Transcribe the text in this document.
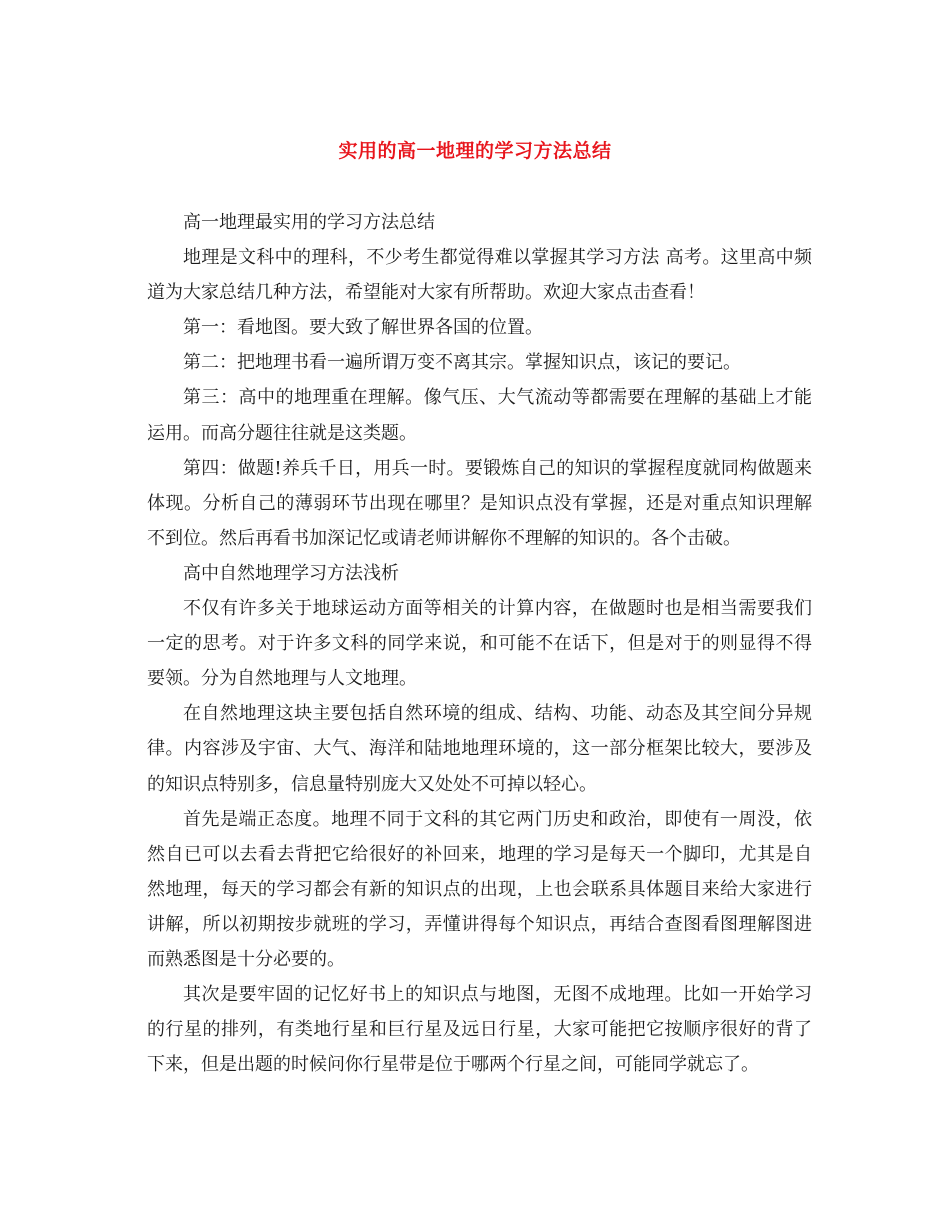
实用的高一地理的学习方法总结

高一地理最实用的学习方法总结

地理是文科中的理科，不少考生都觉得难以掌握其学习方法 高考。这里高中频道为大家总结几种方法，希望能对大家有所帮助。欢迎大家点击查看！

第一：看地图。要大致了解世界各国的位置。

第二：把地理书看一遍所谓万变不离其宗。掌握知识点，该记的要记。

第三：高中的地理重在理解。像气压、大气流动等都需要在理解的基础上才能运用。而高分题往往就是这类题。

第四：做题!养兵千日，用兵一时。要锻炼自己的知识的掌握程度就同构做题来体现。分析自己的薄弱环节出现在哪里？是知识点没有掌握，还是对重点知识理解不到位。然后再看书加深记忆或请老师讲解你不理解的知识的。各个击破。

高中自然地理学习方法浅析

不仅有许多关于地球运动方面等相关的计算内容，在做题时也是相当需要我们一定的思考。对于许多文科的同学来说，和可能不在话下，但是对于的则显得不得要领。分为自然地理与人文地理。

在自然地理这块主要包括自然环境的组成、结构、功能、动态及其空间分异规律。内容涉及宇宙、大气、海洋和陆地地理环境的，这一部分框架比较大，要涉及的知识点特别多，信息量特别庞大又处处不可掉以轻心。

首先是端正态度。地理不同于文科的其它两门历史和政治，即使有一周没，依然自已可以去看去背把它给很好的补回来，地理的学习是每天一个脚印，尤其是自然地理，每天的学习都会有新的知识点的出现，上也会联系具体题目来给大家进行讲解，所以初期按步就班的学习，弄懂讲得每个知识点，再结合查图看图理解图进而熟悉图是十分必要的。

其次是要牢固的记忆好书上的知识点与地图，无图不成地理。比如一开始学习的行星的排列，有类地行星和巨行星及远日行星，大家可能把它按顺序很好的背了下来，但是出题的时候问你行星带是位于哪两个行星之间，可能同学就忘了。
